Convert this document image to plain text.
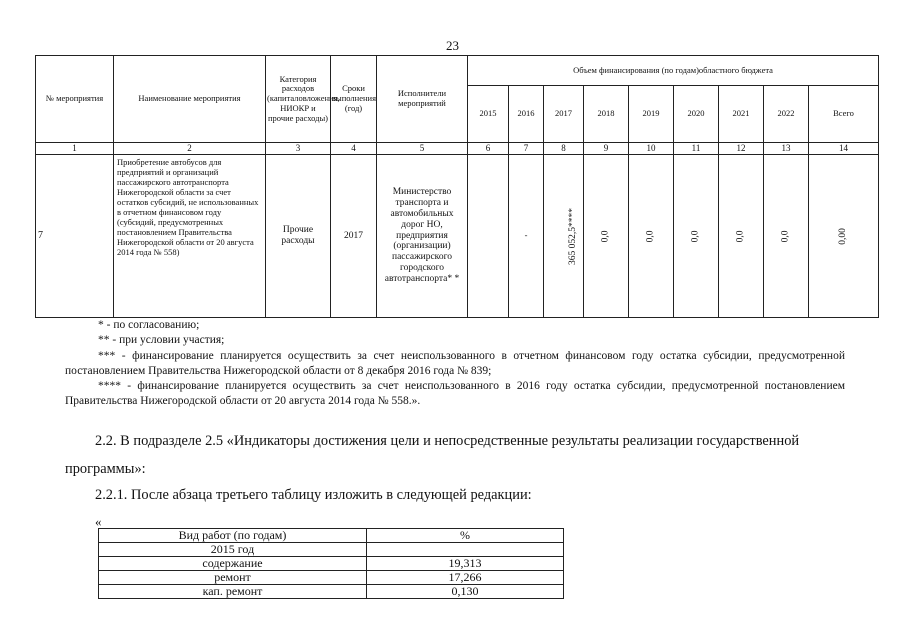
23
№ мероприятия	Наименование мероприятия	Категория расходов (капиталовложения, НИОКР и прочие расходы)	Сроки выполнения (год)	Исполнители мероприятий	Объем финансирования (по годам)областного бюджета								
					2015	2016	2017	2018	2019	2020	2021	2022	Всего
1	2	3	4	5	6	7	8	9	10	11	12	13	14
7	Приобретение автобусов для предприятий и организаций пассажирского автотранспорта Нижегородской области за счет остатков субсидий, не использованных в отчетном финансовом году (субсидий, предусмотренных постановлением Правительства Нижегородской области от 20 августа 2014 года № 558)	Прочие расходы	2017	Министерство транспорта и автомобильных дорог НО, предприятия (организации) пассажирского городского автотранспорта* *		-	365 052,5****	0,0	0,0	0,0	0,0	0,0	0,00

* - по согласованию;

** - при условии участия;

*** - финансирование планируется осуществить за счет неиспользованного в отчетном финансовом году остатка субсидии, предусмотренной постановлением Правительства Нижегородской области от 8 декабря 2016 года № 839;

**** - финансирование планируется осуществить за счет неиспользованного в 2016 году остатка субсидии, предусмотренной постановлением Правительства Нижегородской области от 20 августа 2014 года № 558.».

2.2. В подразделе 2.5 «Индикаторы достижения цели и непосредственные результаты реализации государственной
программы»:
2.2.1. После абзаца третьего таблицу изложить в следующей редакции:
«
Вид работ (по годам)	%
2015 год	
содержание	19,313
ремонт	17,266
кап. ремонт	0,130
